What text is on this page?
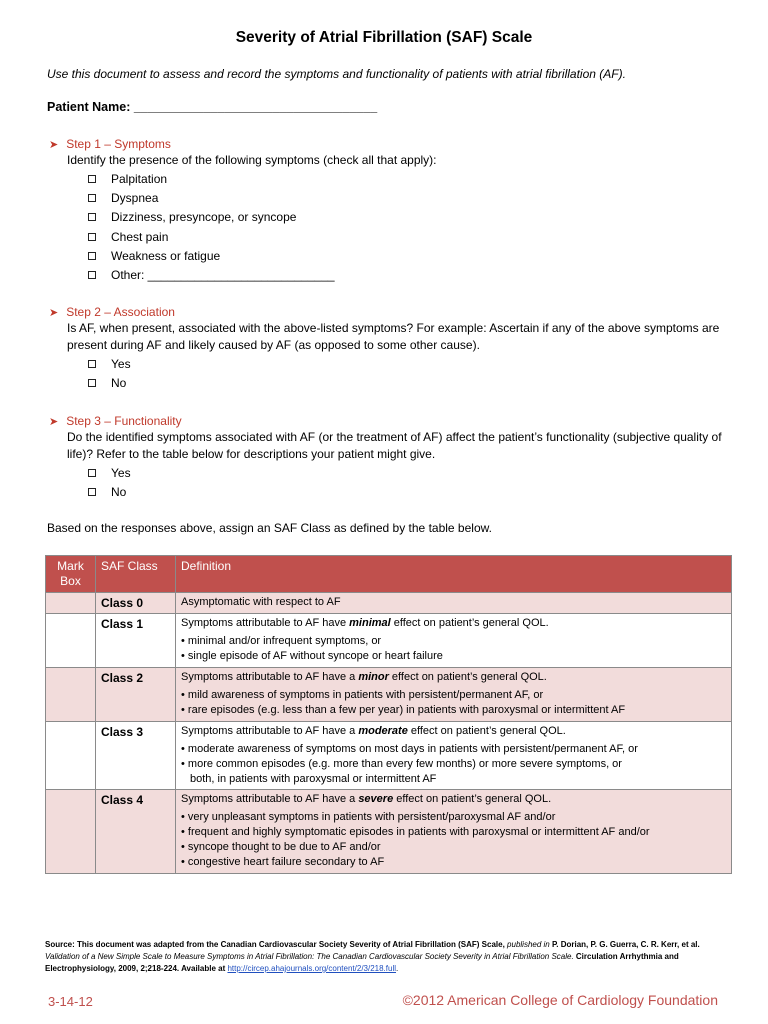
Severity of Atrial Fibrillation (SAF) Scale
Use this document to assess and record the symptoms and functionality of patients with atrial fibrillation (AF).
Patient Name: ___________________________________
➤ Step 1 – Symptoms
Identify the presence of the following symptoms (check all that apply):
Palpitation
Dyspnea
Dizziness, presyncope, or syncope
Chest pain
Weakness or fatigue
Other: ____________________________
➤ Step 2 – Association
Is AF, when present, associated with the above-listed symptoms? For example: Ascertain if any of the above symptoms are present during AF and likely caused by AF (as opposed to some other cause).
Yes
No
➤ Step 3 – Functionality
Do the identified symptoms associated with AF (or the treatment of AF) affect the patient’s functionality (subjective quality of life)? Refer to the table below for descriptions your patient might give.
Yes
No
Based on the responses above, assign an SAF Class as defined by the table below.
Mark Box	SAF Class	Definition
	Class 0	Asymptomatic with respect to AF

	Class 1	Symptoms attributable to AF have minimal effect on patient’s general QOL.
• minimal and/or infrequent symptoms, or
• single episode of AF without syncope or heart failure

	Class 2	Symptoms attributable to AF have a minor effect on patient’s general QOL.
• mild awareness of symptoms in patients with persistent/permanent AF, or
• rare episodes (e.g. less than a few per year) in patients with paroxysmal or intermittent AF

	Class 3	Symptoms attributable to AF have a moderate effect on patient’s general QOL.
• moderate awareness of symptoms on most days in patients with persistent/permanent AF, or
• more common episodes (e.g. more than every few months) or more severe symptoms, or
both, in patients with paroxysmal or intermittent AF

	Class 4	Symptoms attributable to AF have a severe effect on patient’s general QOL.
• very unpleasant symptoms in patients with persistent/paroxysmal AF and/or
• frequent and highly symptomatic episodes in patients with paroxysmal or intermittent AF and/or
• syncope thought to be due to AF and/or
• congestive heart failure secondary to AF
Source: This document was adapted from the Canadian Cardiovascular Society Severity of Atrial Fibrillation (SAF) Scale, published in P. Dorian, P. G. Guerra, C. R. Kerr, et al. Validation of a New Simple Scale to Measure Symptoms in Atrial Fibrillation: The Canadian Cardiovascular Society Severity in Atrial Fibrillation Scale. Circulation Arrhythmia and Electrophysiology, 2009, 2;218-224. Available at http://circep.ahajournals.org/content/2/3/218.full.
3-14-12	©2012 American College of Cardiology Foundation
